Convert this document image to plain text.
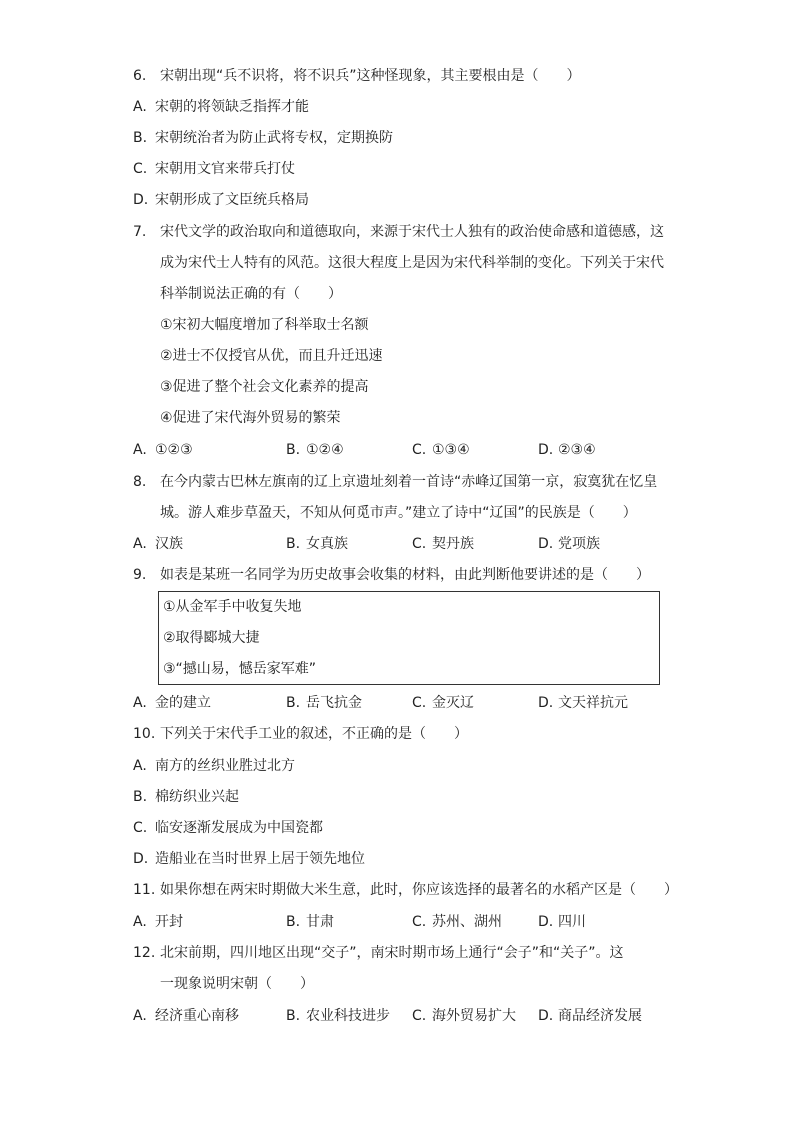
6. 宋朝出现“兵不识将，将不识兵”这种怪现象，其主要根由是（　　）
A. 宋朝的将领缺乏指挥才能
B. 宋朝统治者为防止武将专权，定期换防
C. 宋朝用文官来带兵打仗
D. 宋朝形成了文臣统兵格局
7. 宋代文学的政治取向和道德取向，来源于宋代士人独有的政治使命感和道德感，这
成为宋代士人特有的风范。这很大程度上是因为宋代科举制的变化。下列关于宋代
科举制说法正确的有（　　）
①宋初大幅度增加了科举取士名额
②进士不仅授官从优，而且升迁迅速
③促进了整个社会文化素养的提高
④促进了宋代海外贸易的繁荣
A. ①②③	B. ①②④	C. ①③④	D. ②③④
8. 在今内蒙古巴林左旗南的辽上京遗址刻着一首诗“赤峰辽国第一京，寂寞犹在忆皇
城。游人难步草盈天，不知从何觅市声。”建立了诗中“辽国”的民族是（　　）
A. 汉族	B. 女真族	C. 契丹族	D. 党项族
9. 如表是某班一名同学为历史故事会收集的材料，由此判断他要讲述的是（　　）
①从金军手中收复失地
②取得郾城大捷
③“撼山易，憾岳家军难”
A. 金的建立	B. 岳飞抗金	C. 金灭辽	D. 文天祥抗元
10. 下列关于宋代手工业的叙述，不正确的是（　　）
A. 南方的丝织业胜过北方
B. 棉纺织业兴起
C. 临安逐渐发展成为中国瓷都
D. 造船业在当时世界上居于领先地位
11. 如果你想在两宋时期做大米生意，此时，你应该选择的最著名的水稻产区是（　　）
A. 开封	B. 甘肃	C. 苏州、湖州	D. 四川
12. 北宋前期，四川地区出现“交子”，南宋时期市场上通行“会子”和“关子”。这
一现象说明宋朝（　　）
A. 经济重心南移	B. 农业科技进步 C. 海外贸易扩大 D. 商品经济发展
